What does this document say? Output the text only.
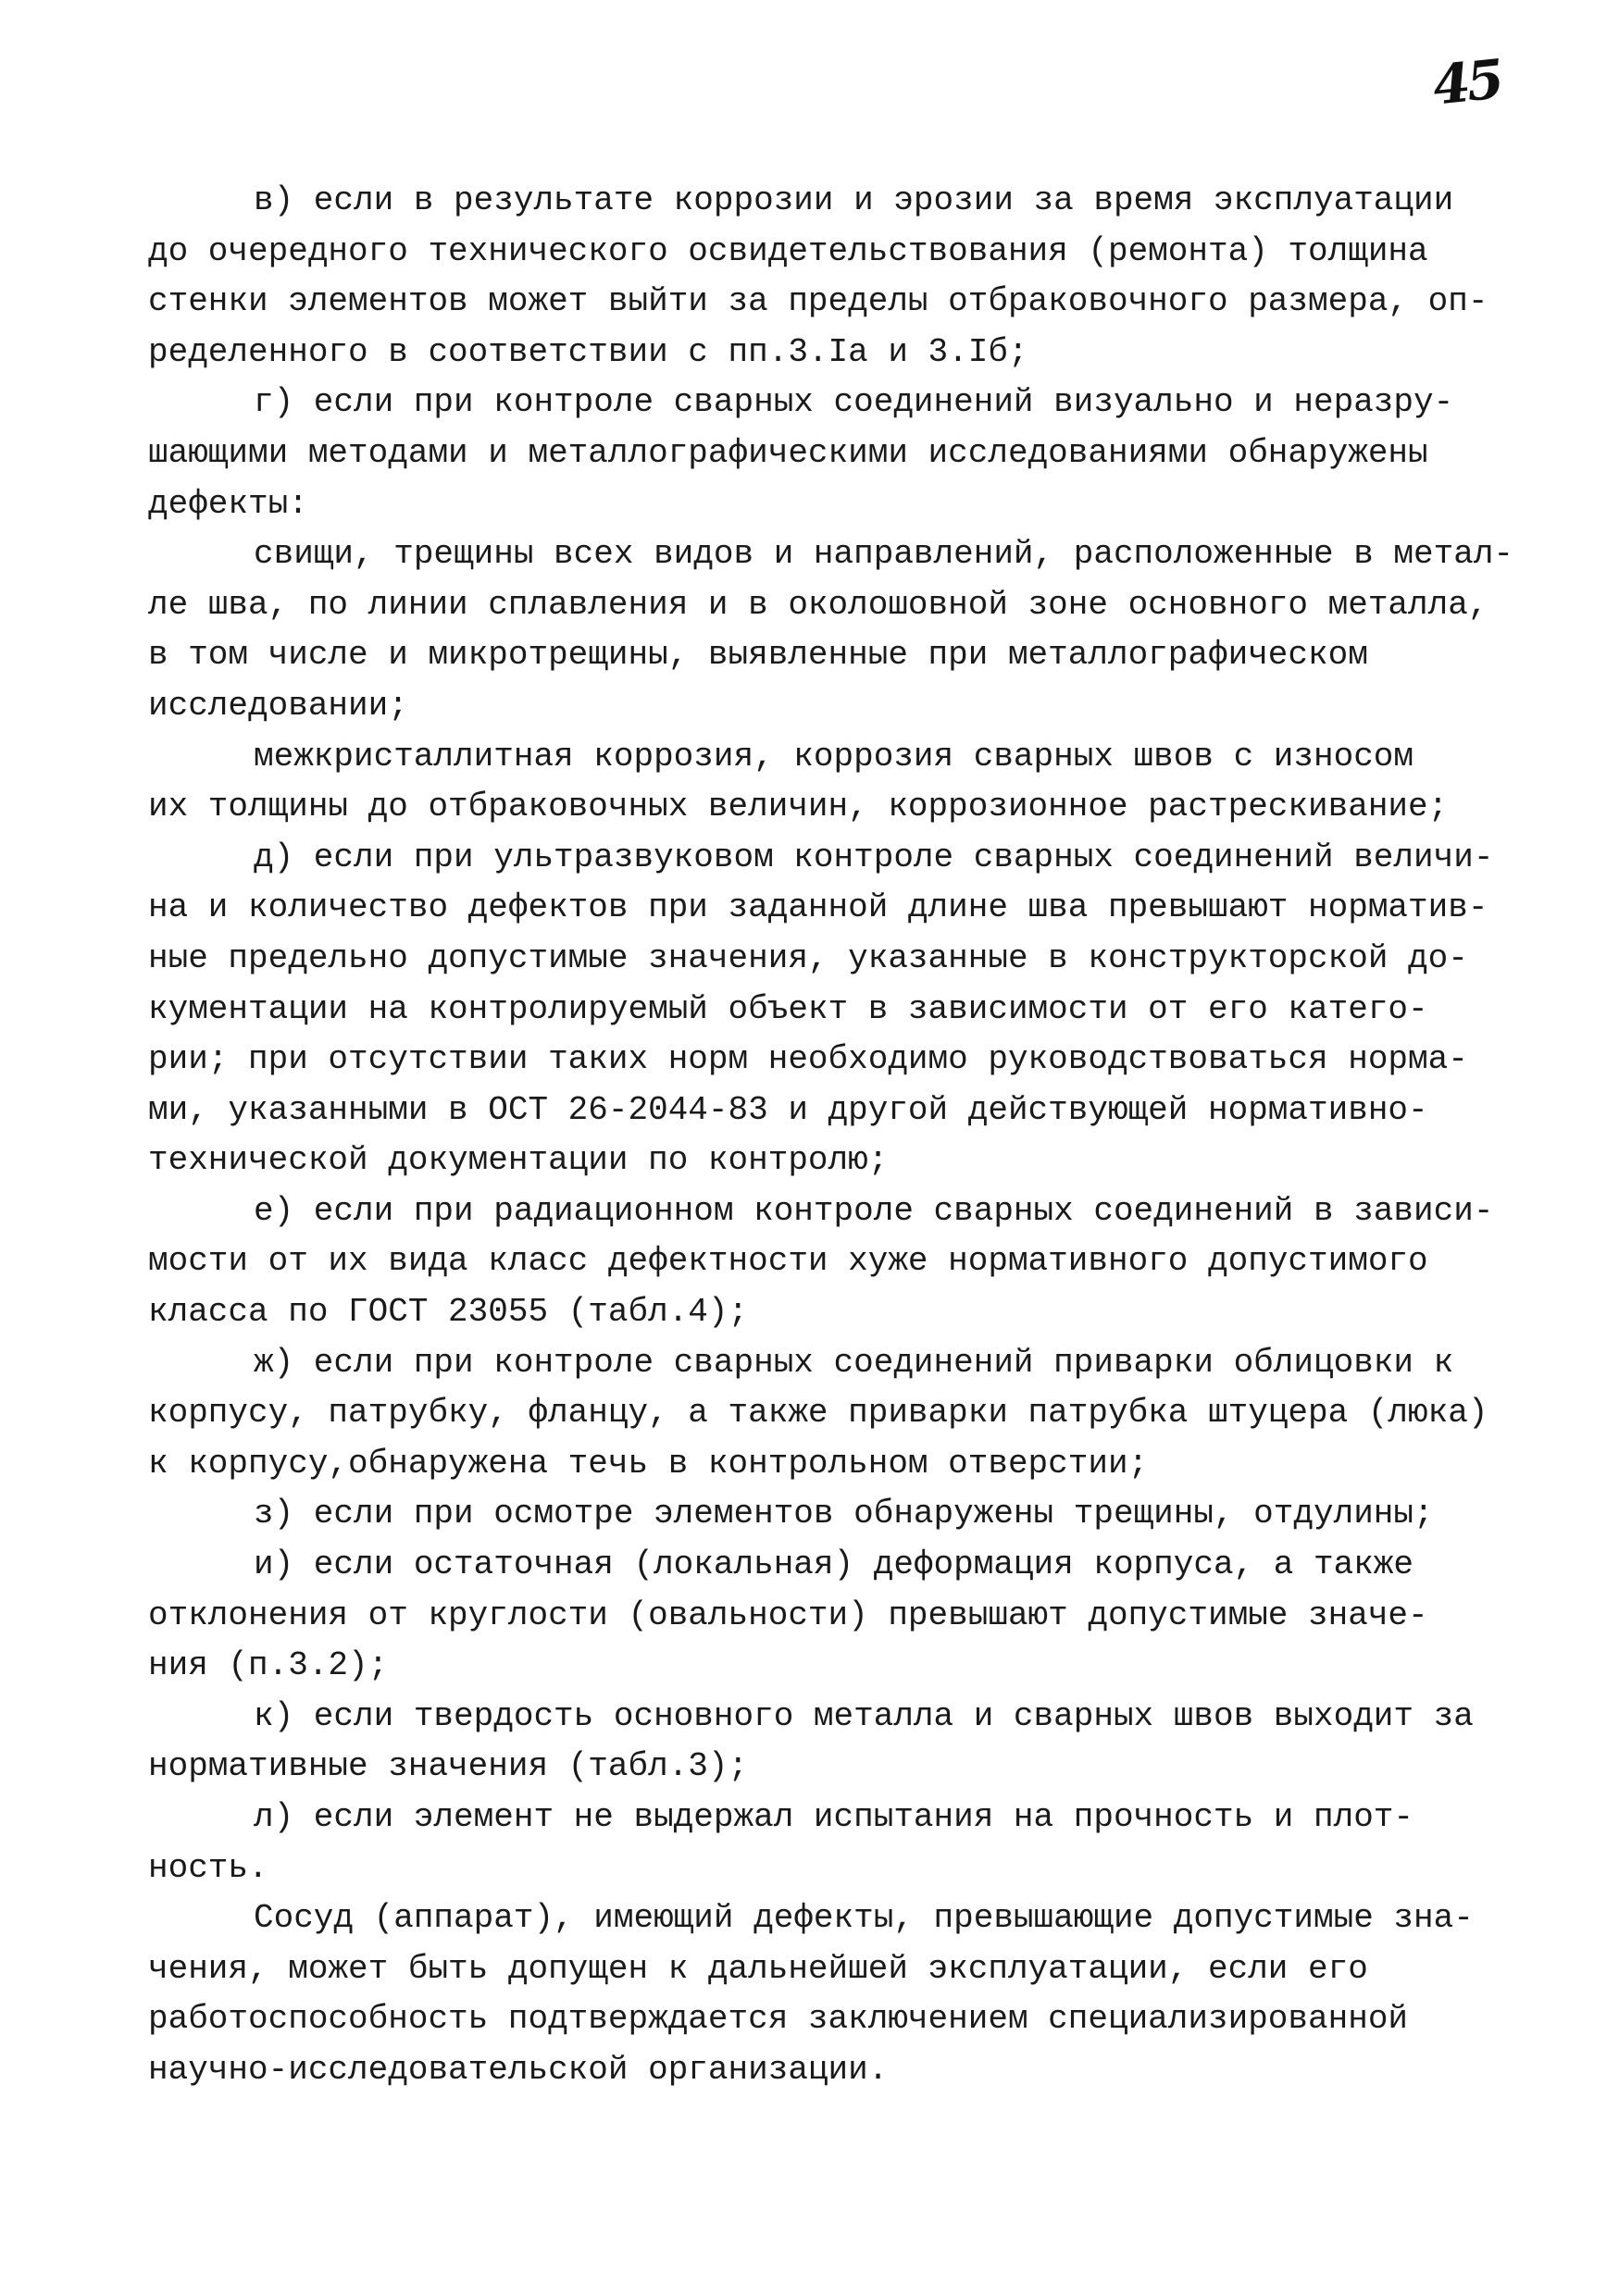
45
в) если в результате коррозии и эрозии за время эксплуатации
до очередного технического освидетельствования (ремонта) толщина
стенки элементов может выйти за пределы отбраковочного размера, оп-
ределенного в соответствии с пп.3.Iа и 3.Iб;
г) если при контроле сварных соединений визуально и неразру-
шающими методами и металлографическими исследованиями обнаружены
дефекты:
свищи, трещины всех видов и направлений, расположенные в метал-
ле шва, по линии сплавления и в околошовной зоне основного металла,
в том числе и микротрещины, выявленные при металлографическом
исследовании;
межкристаллитная коррозия, коррозия сварных швов с износом
их толщины до отбраковочных величин, коррозионное растрескивание;
д) если при ультразвуковом контроле сварных соединений величи-
на и количество дефектов при заданной длине шва превышают норматив-
ные предельно допустимые значения, указанные в конструкторской до-
кументации на контролируемый объект в зависимости от его катего-
рии; при отсутствии таких норм необходимо руководствоваться норма-
ми, указанными в ОСТ 26-2044-83 и другой действующей нормативно-
технической документации по контролю;
е) если при радиационном контроле сварных соединений в зависи-
мости от их вида класс дефектности хуже нормативного допустимого
класса по ГОСТ 23055 (табл.4);
ж) если при контроле сварных соединений приварки облицовки к
корпусу, патрубку, фланцу, а также приварки патрубка штуцера (люка)
к корпусу,обнаружена течь в контрольном отверстии;
з) если при осмотре элементов обнаружены трещины, отдулины;
и) если остаточная (локальная) деформация корпуса, а также
отклонения от круглости (овальности) превышают допустимые значе-
ния (п.3.2);
к) если твердость основного металла и сварных швов выходит за
нормативные значения (табл.3);
л) если элемент не выдержал испытания на прочность и плот-
ность.
Сосуд (аппарат), имеющий дефекты, превышающие допустимые зна-
чения, может быть допущен к дальнейшей эксплуатации, если его
работоспособность подтверждается заключением специализированной
научно-исследовательской организации.
